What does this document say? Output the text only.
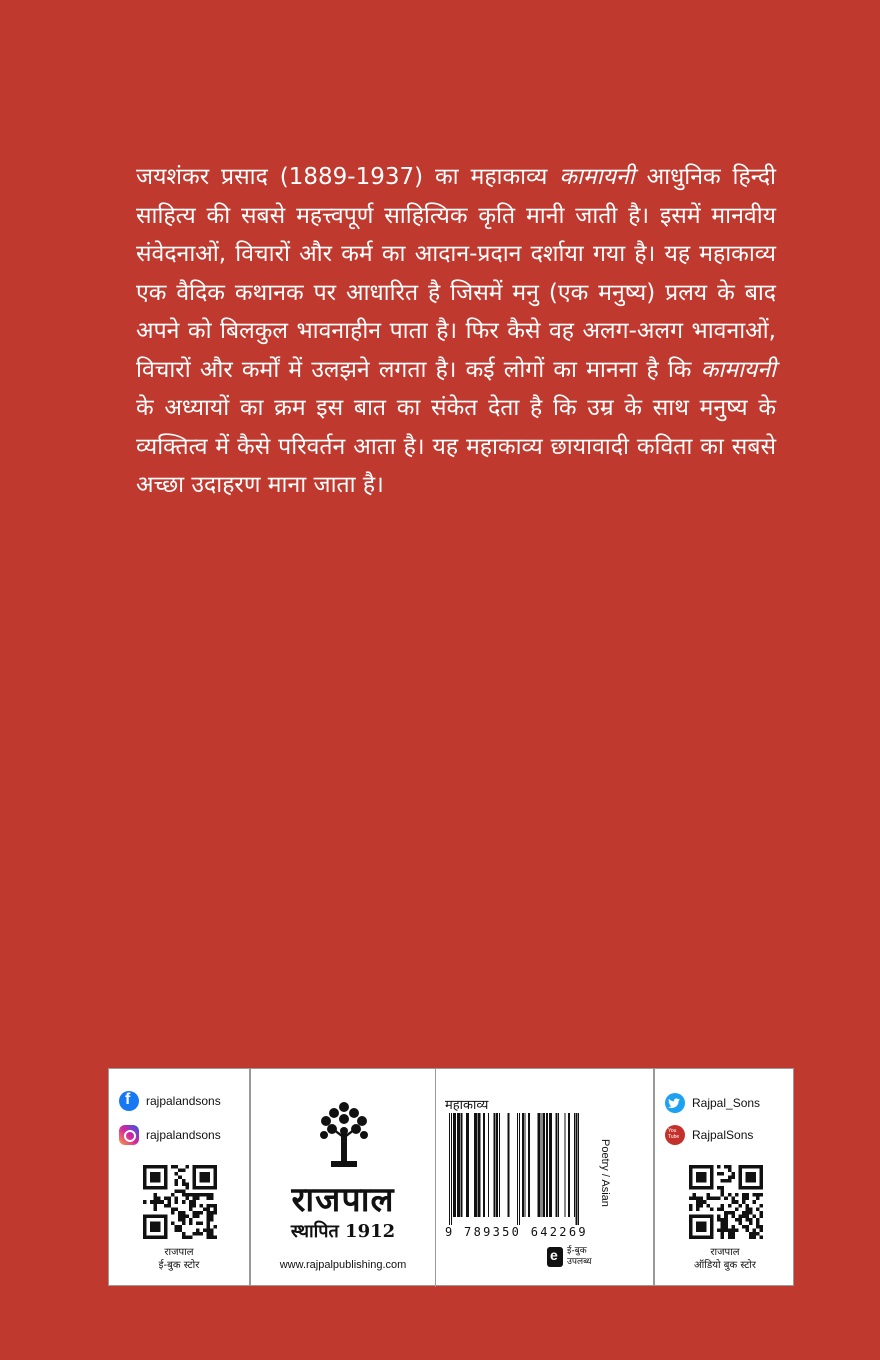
जयशंकर प्रसाद (1889-1937) का महाकाव्य कामायनी आधुनिक हिन्दी साहित्य की सबसे महत्त्वपूर्ण साहित्यिक कृति मानी जाती है। इसमें मानवीय संवेदनाओं, विचारों और कर्म का आदान-प्रदान दर्शाया गया है। यह महाकाव्य एक वैदिक कथानक पर आधारित है जिसमें मनु (एक मनुष्य) प्रलय के बाद अपने को बिलकुल भावनाहीन पाता है। फिर कैसे वह अलग-अलग भावनाओं, विचारों और कर्मों में उलझने लगता है। कई लोगों का मानना है कि कामायनी के अध्यायों का क्रम इस बात का संकेत देता है कि उम्र के साथ मनुष्य के व्यक्तित्व में कैसे परिवर्तन आता है। यह महाकाव्य छायावादी कविता का सबसे अच्छा उदाहरण माना जाता है।

f
rajpalandsons
rajpalandsons
राजपाल
ई-बुक स्टोर
राजपाल
स्थापित 1912
www.rajpalpublishing.com
महाकाव्य
9 789350 642269
Poetry / Asian
e
ई-बुक
उपलब्ध
Rajpal_Sons
You Tube
RajpalSons
राजपाल
ऑडियो बुक स्टोर
